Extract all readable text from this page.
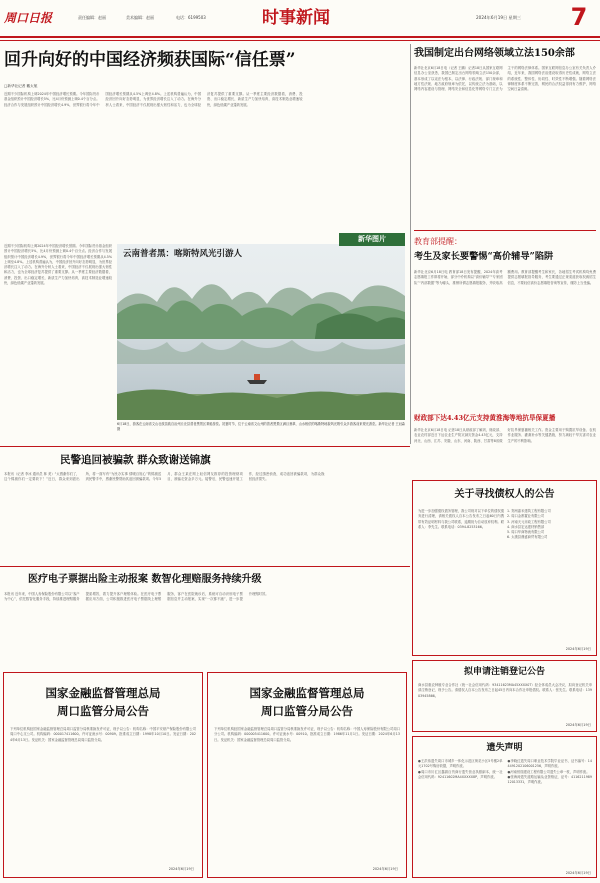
周口日报	责任编辑：赵丽	美术编辑：赵丽	电话：6199503	时事新闻	2024年6月19日 星期三	7
回升向好的中国经济频获国际“信任票”
□新华社记者 戴太航
近期不少国际机构上调2024年中国经济增长预期。今年国际货币基金组织预计中国经济增长5%，比4月份预测上调0.4个百分点。经济合作与发展组织预计中国经济增长4.9%，世界银行将今年中国经济增长预期从4.5%上调至4.8%。上述机构普遍认为，中国经济回升向好态势明显，为世界经济增长注入了动力。在海外分析人士看来，中国经济不仅展现出强大韧性和活力，也为全球经济复苏提供了重要支撑。从一季度主要经济数据看，消费、投资、出口稳定增长，新质生产力加快培育，高技术制造业增速较快，绿色低碳产业蓬勃发展。
云南普者黑：喀斯特风光引游人
新华图片
6月18日，游客在云南省文山壮族苗族自治州丘北县普者黑景区乘船游览。初夏时节，位于云南省文山州的普者黑景区满目葱翠，山水相依的喀斯特地貌风光吸引众多游客前来观光游览。新华社记者 王冠森 摄
近期不少国际机构上调2024年中国经济增长预期。今年国际货币基金组织预计中国经济增长5%，比4月份预测上调0.4个百分点。经济合作与发展组织预计中国经济增长4.9%，世界银行将今年中国经济增长预期从4.5%上调至4.8%。上述机构普遍认为，中国经济回升向好态势明显，为世界经济增长注入了动力。在海外分析人士看来，中国经济不仅展现出强大韧性和活力，也为全球经济复苏提供了重要支撑。从一季度主要经济数据看，消费、投资、出口稳定增长，新质生产力加快培育，高技术制造业增速较快，绿色低碳产业蓬勃发展。
我国制定出台网络领域立法150余部
新华社北京6月18日电（记者 王鹏）记者18日从国家互联网信息办公室获悉，我国已制定出台网络领域立法150余部，基本形成了以宪法为根本，以法律、行政法规、部门规章和地方性法规、地方政府规章为依托，以传统立法为基础，以网络内容建设与管理、网络安全和信息化等网络专门立法为主干的网络法律体系。国家互联网信息办公室有关负责人介绍，近年来，我国网络法治建设取得历史性成就，网络立法的系统性、整体性、协同性、时效性不断增强。随着网络法律制度体系不断完善，网民的合法权益得到有力维护，网络空间日益清朗。
教育部提醒：
考生及家长要警惕“高价辅导”陷阱
新华社北京6月18日电 教育部18日发布提醒，2024年高考志愿填报工作即将开始，部分中介机构以“高价辅导”“专家团队”“内部数据”等为噱头，推销所谓志愿填报服务，并收取高额费用。教育部提醒考生和家长，各地招生考试机构均免费提供志愿填报指导服务，考生要通过正规渠道获取权威招生信息，不要轻信高价志愿填报咨询等宣传，谨防上当受骗。
财政部下达4.43亿元支持黄淮海等地抗旱保夏播
新华社北京6月18日电 记者18日从财政部了解到，财政部、农业农村部近日下达农业生产防灾减灾资金4.43亿元，支持河北、山西、江苏、安徽、山东、河南、陕西、甘肃等8省做好抗旱保夏播相关工作。资金主要用于购置抗旱设备、农机作业服务、灌溉补水等关键措施，努力减轻干旱灾害对农业生产的不利影响。
民警追回被骗款 群众致谢送锦旗
本报讯（记者 李冰 通讯员 林 美）“太感谢你们了，这个锦旗你们一定要收下！”近日，群众来到派出所，将一面写有“为民办实事 情暖百姓心”的锦旗送到民警手中，感谢民警帮助其追回被骗款项。今年5月，群众王某在网上轻信网友推荐的投资理财项目，被骗走资金多万元。接警后，民警迅速开展工作，经过缜密侦查，成功追回被骗款项，为群众挽回经济损失。
医疗电子票据出险主动报案 数智化理赔服务持续升级
本报讯 近年来，中国人寿保险股份有限公司以“客户为中心”，依托数智化服务手段，持续推进理赔服务提质增效，着力提升客户理赔体验。在医疗电子票据应用方面，公司积极推进医疗电子票据线上理赔服务，客户在医院就诊后，系统可自动识别电子票据信息并主动报案，实现“一次都不跑”，进一步提升理赔时效。
国家金融监督管理总局
周口监管分局公告
下列单位机构经国家金融监督管理总局周口监管分局核准换发许可证，现予以公告：机构名称：中国平安财产保险股份有限公司周口中心支公司。机构编码：000017411600。许可证流水号：00909。批准成立日期：1998年10月10日。发证日期：2024年6月13日。发证机关：国家金融监督管理总局周口监管分局。
2024年6月19日
国家金融监督管理总局
周口监管分局公告
下列单位机构经国家金融监督管理总局周口监管分局核准换发许可证，现予以公告：机构名称：中国人寿保险股份有限公司周口分公司。机构编码：000005411600。许可证流水号：00910。批准成立日期：1986年11月1日。发证日期：2024年6月13日。发证机关：国家金融监督管理总局周口监管分局。
2024年6月19日
关于寻找债权人的公告
为进一步加强债权债务管理，我公司现对以下单位的债权债务进行清理，请相关债权人自本公告发布之日起60日内携带有效证明材料与我公司联系，逾期视为自动放弃权利。联系人：李先生。联系电话：0394-8253166。
1. 郑州嘉禾建筑工程有限公司
2. 周口金都置业有限公司
3. 河南天元市政工程有限公司
4. 商水县宏达建材销售部
5. 周口华商物流有限公司
6. 太康县鼎盛商贸有限公司
2024年6月19日
拟申请注销登记公告
商水县惠农种植专业合作社（统一社会信用代码：93411623MA45XXXX0T）经全体成员大会决议，拟向登记机关申请注销登记，现予公告。请债权人自本公告发布之日起45日内向本合作社申报债权。联系人：张先生。联系电话：13903945866。
2024年6月19日
遗失声明
●王洪伟遗失周口市城乡一体化示范区荷花小区5号楼2单元1702号购房收据，声明作废。
●周口市川汇区鑫源百货商行遗失营业执照副本，统一社会信用代码：92411602MA4XXXXX8P，声明作废。
●李晓红遗失周口职业技术学院毕业证书，证书编号：144491202106001256，声明作废。
●河南恒瑞建设工程有限公司遗失公章一枚，声明作废。
●张海涛遗失道路运输从业资格证，证号：411621198912013331，声明作废。
2024年6月19日
